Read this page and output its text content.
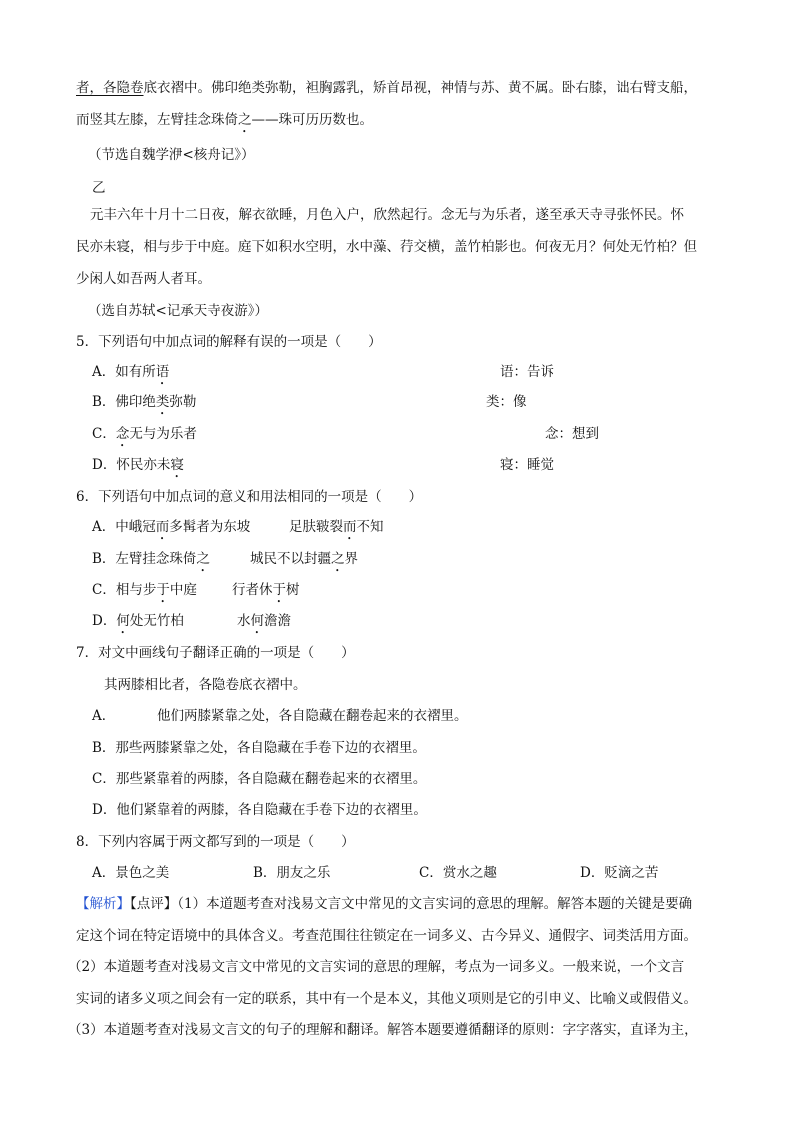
者，各隐卷底衣褶中。佛印绝类弥勒，袒胸露乳，矫首昂视，神情与苏、黄不属。卧右膝，诎右臂支船，
而竖其左膝，左臂挂念珠倚之——珠可历历数也。
（节选自魏学洢<核舟记》）
乙
元丰六年十月十二日夜，解衣欲睡，月色入户，欣然起行。念无与为乐者，遂至承天寺寻张怀民。怀
民亦未寝，相与步于中庭。庭下如积水空明，水中藻、荇交横，盖竹柏影也。何夜无月？何处无竹柏？但
少闲人如吾两人者耳。
（选自苏轼<记承天寺夜游》）
5．下列语句中加点词的解释有误的一项是（　　）
A．如有所语	语：告诉
B．佛印绝类弥勒	类：像
C．念无与为乐者	念：想到
D．怀民亦未寝	寝：睡觉
6．下列语句中加点词的意义和用法相同的一项是（　　）
A．中峨冠而多髯者为东坡	足肤皲裂而不知
B．左臂挂念珠倚之	城民不以封疆之界
C．相与步于中庭	行者休于树
D．何处无竹柏	水何澹澹
7．对文中画线句子翻译正确的一项是（　　）
其两膝相比者，各隐卷底衣褶中。
A．	他们两膝紧靠之处，各自隐藏在翻卷起来的衣褶里。
B．那些两膝紧靠之处，各自隐藏在手卷下边的衣褶里。
C．那些紧靠着的两膝，各自隐藏在翻卷起来的衣褶里。
D．他们紧靠着的两膝，各自隐藏在手卷下边的衣褶里。
8．下列内容属于两文都写到的一项是（　　）
A．景色之美	B．朋友之乐	C．赏水之趣	D．贬滴之苦
【解析】【点评】（1）本道题考查对浅易文言文中常见的文言实词的意思的理解。解答本题的关键是要确
定这个词在特定语境中的具体含义。考查范围往往锁定在一词多义、古今异义、通假字、词类活用方面。
（2）本道题考查对浅易文言文中常见的文言实词的意思的理解，考点为一词多义。一般来说，一个文言
实词的诸多义项之间会有一定的联系，其中有一个是本义，其他义项则是它的引申义、比喻义或假借义。
（3）本道题考查对浅易文言文的句子的理解和翻译。解答本题要遵循翻译的原则：字字落实，直译为主，
